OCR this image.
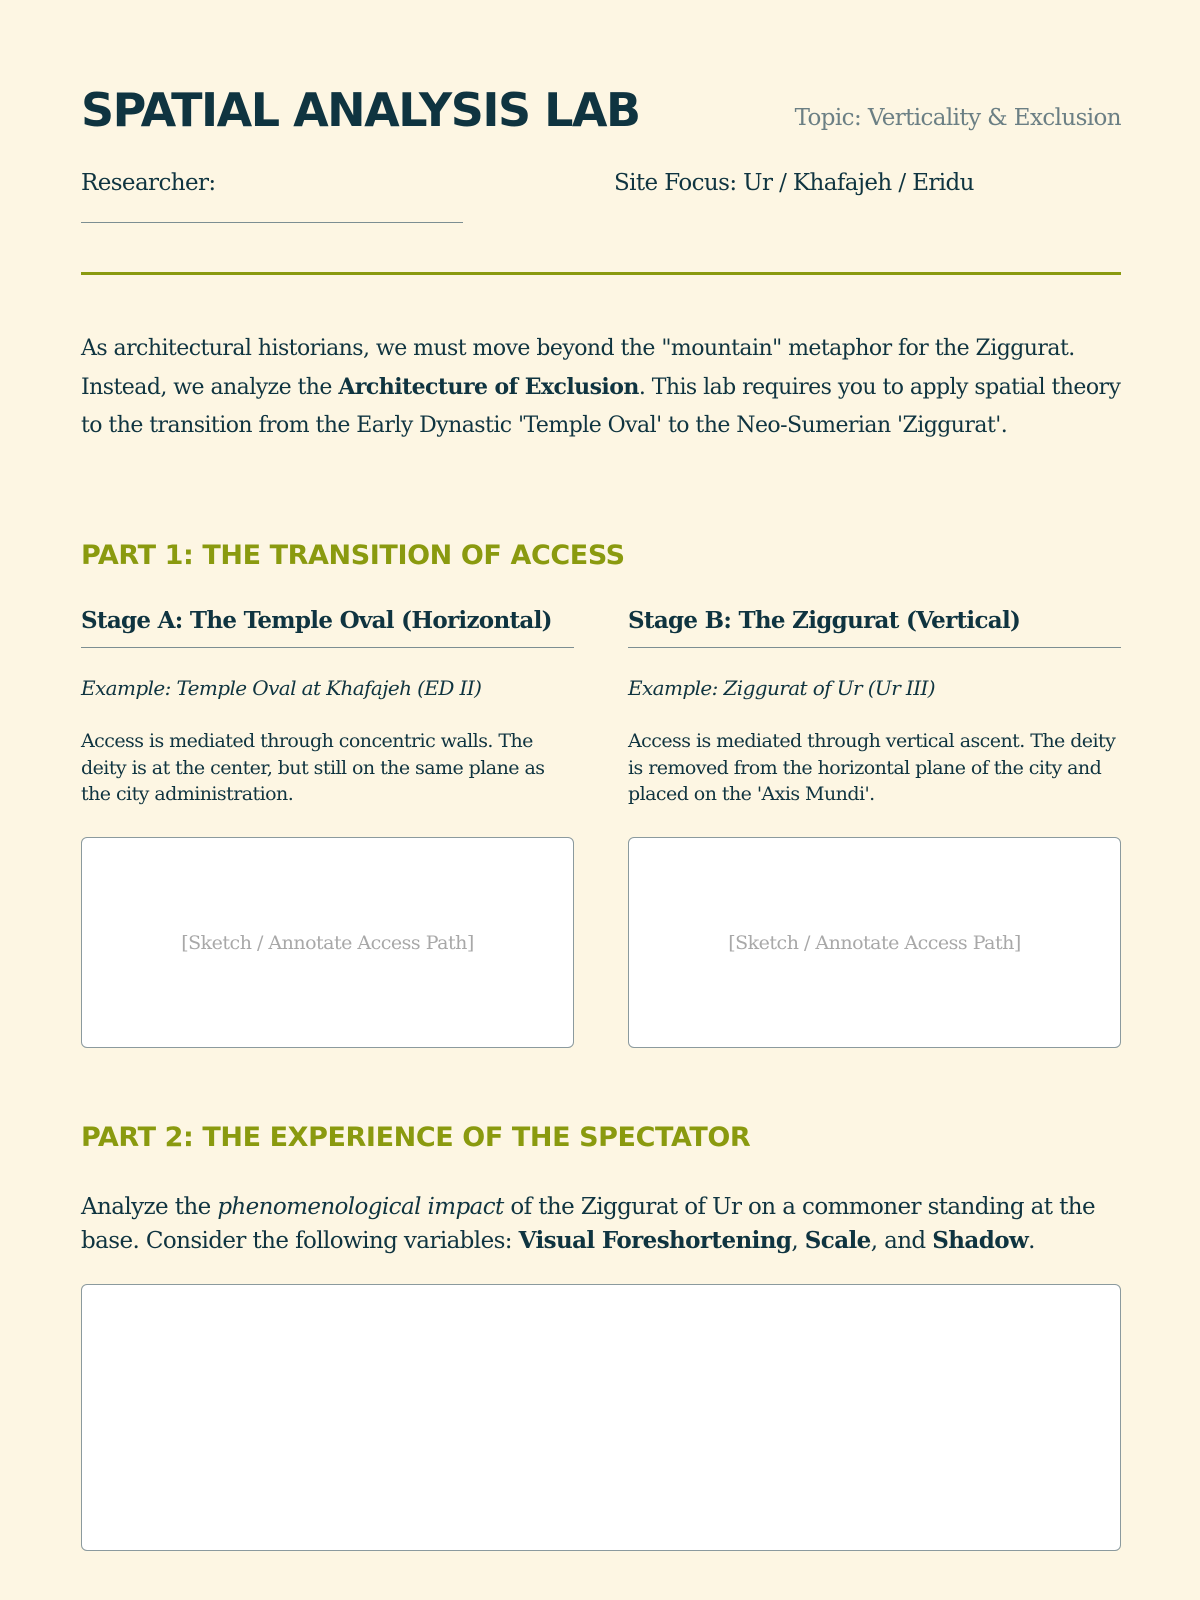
SPATIAL ANALYSIS LAB	Topic: Verticality & Exclusion
Researcher:	Site Focus: Ur / Khafajeh / Eridu

As architectural historians, we must move beyond the "mountain" metaphor for the Ziggurat. Instead, we analyze the Architecture of Exclusion. This lab requires you to apply spatial theory to the transition from the Early Dynastic 'Temple Oval' to the Neo-Sumerian 'Ziggurat'.

PART 1: THE TRANSITION OF ACCESS
Stage A: The Temple Oval (Horizontal)

Example: Temple Oval at Khafajeh (ED II)

Access is mediated through concentric walls. The deity is at the center, but still on the same plane as the city administration.

[Sketch / Annotate Access Path]
Stage B: The Ziggurat (Vertical)

Example: Ziggurat of Ur (Ur III)

Access is mediated through vertical ascent. The deity is removed from the horizontal plane of the city and placed on the 'Axis Mundi'.

[Sketch / Annotate Access Path]
PART 2: THE EXPERIENCE OF THE SPECTATOR

Analyze the phenomenological impact of the Ziggurat of Ur on a commoner standing at the base. Consider the following variables: Visual Foreshortening, Scale, and Shadow.
